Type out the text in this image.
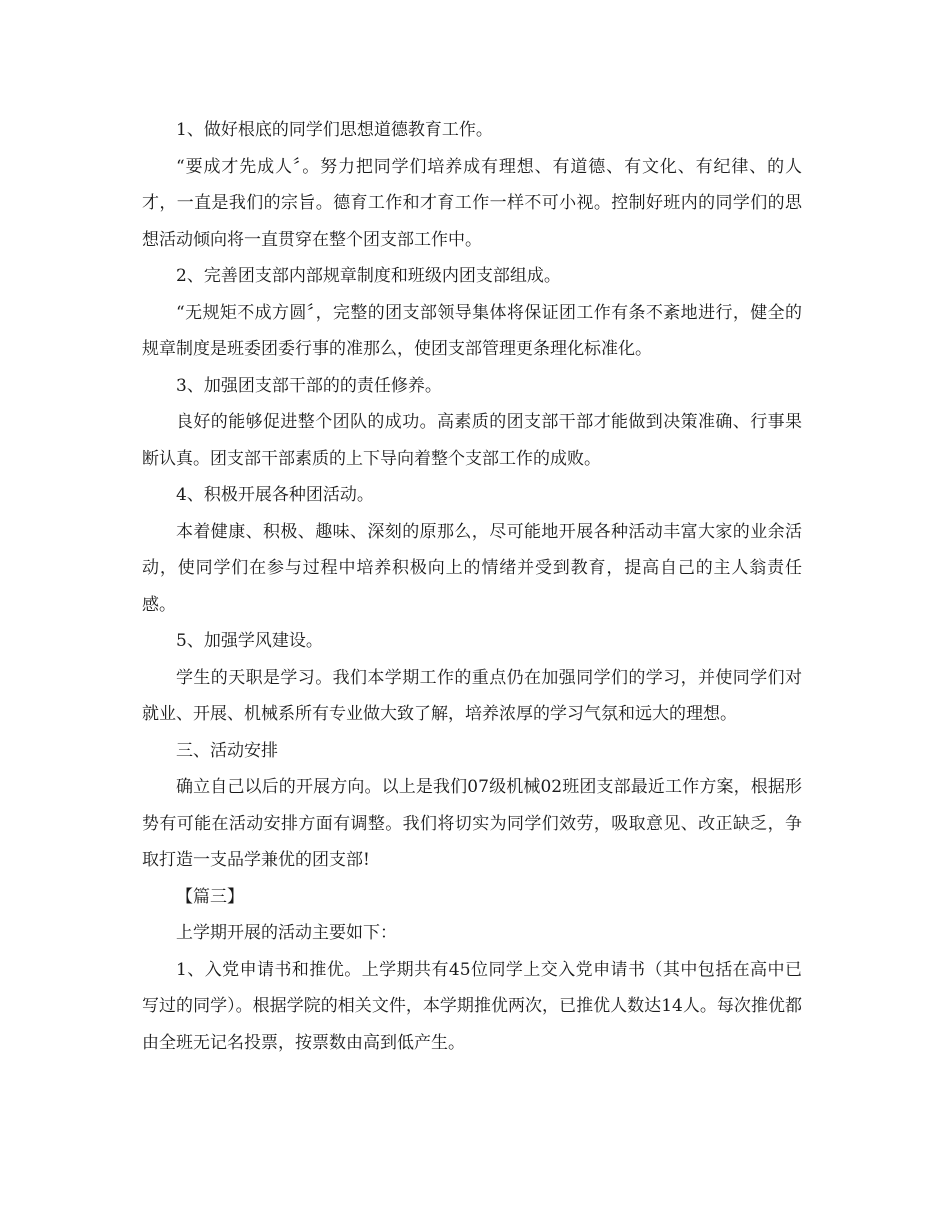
1、做好根底的同学们思想道德教育工作。

“要成才先成人〞。努力把同学们培养成有理想、有道德、有文化、有纪律、的人才，一直是我们的宗旨。德育工作和才育工作一样不可小视。控制好班内的同学们的思想活动倾向将一直贯穿在整个团支部工作中。

2、完善团支部内部规章制度和班级内团支部组成。

“无规矩不成方圆〞，完整的团支部领导集体将保证团工作有条不紊地进行，健全的规章制度是班委团委行事的准那么，使团支部管理更条理化标准化。

3、加强团支部干部的的责任修养。

良好的能够促进整个团队的成功。高素质的团支部干部才能做到决策准确、行事果断认真。团支部干部素质的上下导向着整个支部工作的成败。

4、积极开展各种团活动。

本着健康、积极、趣味、深刻的原那么，尽可能地开展各种活动丰富大家的业余活动，使同学们在参与过程中培养积极向上的情绪并受到教育，提高自己的主人翁责任感。

5、加强学风建设。

学生的天职是学习。我们本学期工作的重点仍在加强同学们的学习，并使同学们对就业、开展、机械系所有专业做大致了解，培养浓厚的学习气氛和远大的理想。

三、活动安排

确立自己以后的开展方向。以上是我们07级机械02班团支部最近工作方案，根据形势有可能在活动安排方面有调整。我们将切实为同学们效劳，吸取意见、改正缺乏，争取打造一支品学兼优的团支部!

【篇三】

上学期开展的活动主要如下：

1、入党申请书和推优。上学期共有45位同学上交入党申请书（其中包括在高中已写过的同学）。根据学院的相关文件，本学期推优两次，已推优人数达14人。每次推优都由全班无记名投票，按票数由高到低产生。
